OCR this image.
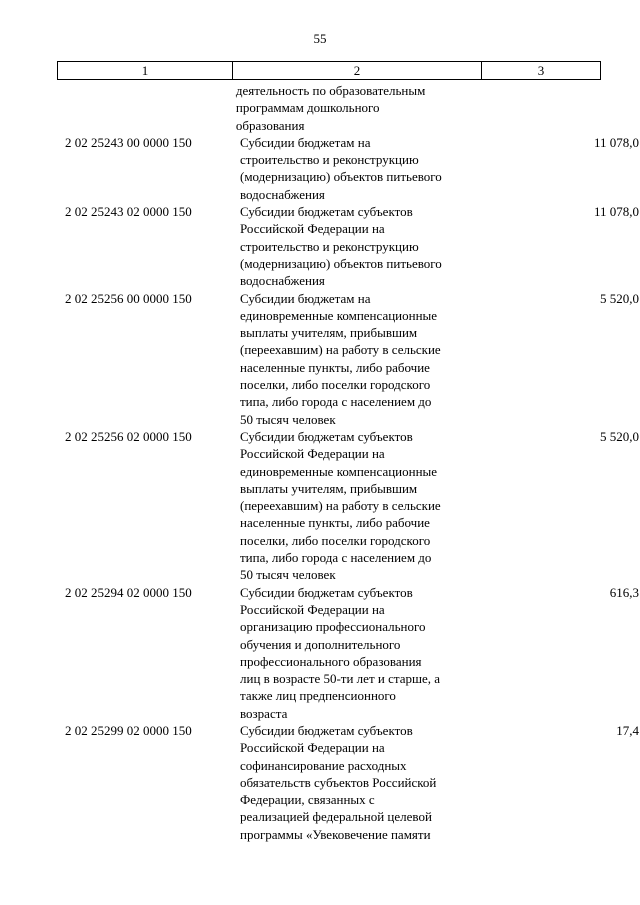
55
1	2	3
деятельность по образовательным
программам дошкольного
образования
2 02 25243 00 0000 150	Субсидии бюджетам на
строительство и реконструкцию
(модернизацию) объектов питьевого
водоснабжения
11 078,0
2 02 25243 02 0000 150	Субсидии бюджетам субъектов
Российской Федерации на
строительство и реконструкцию
(модернизацию) объектов питьевого
водоснабжения
11 078,0
2 02 25256 00 0000 150	Субсидии бюджетам на
единовременные компенсационные
выплаты учителям, прибывшим
(переехавшим) на работу в сельские
населенные пункты, либо рабочие
поселки, либо поселки городского
типа, либо города с населением до
50 тысяч человек
5 520,0
2 02 25256 02 0000 150	Субсидии бюджетам субъектов
Российской Федерации на
единовременные компенсационные
выплаты учителям, прибывшим
(переехавшим) на работу в сельские
населенные пункты, либо рабочие
поселки, либо поселки городского
типа, либо города с населением до
50 тысяч человек
5 520,0
2 02 25294 02 0000 150	Субсидии бюджетам субъектов
Российской Федерации на
организацию профессионального
обучения и дополнительного
профессионального образования
лиц в возрасте 50-ти лет и старше, а
также лиц предпенсионного
возраста
616,3
2 02 25299 02 0000 150	Субсидии бюджетам субъектов
Российской Федерации на
софинансирование расходных
обязательств субъектов Российской
Федерации, связанных с
реализацией федеральной целевой
программы «Увековечение памяти
17,4
